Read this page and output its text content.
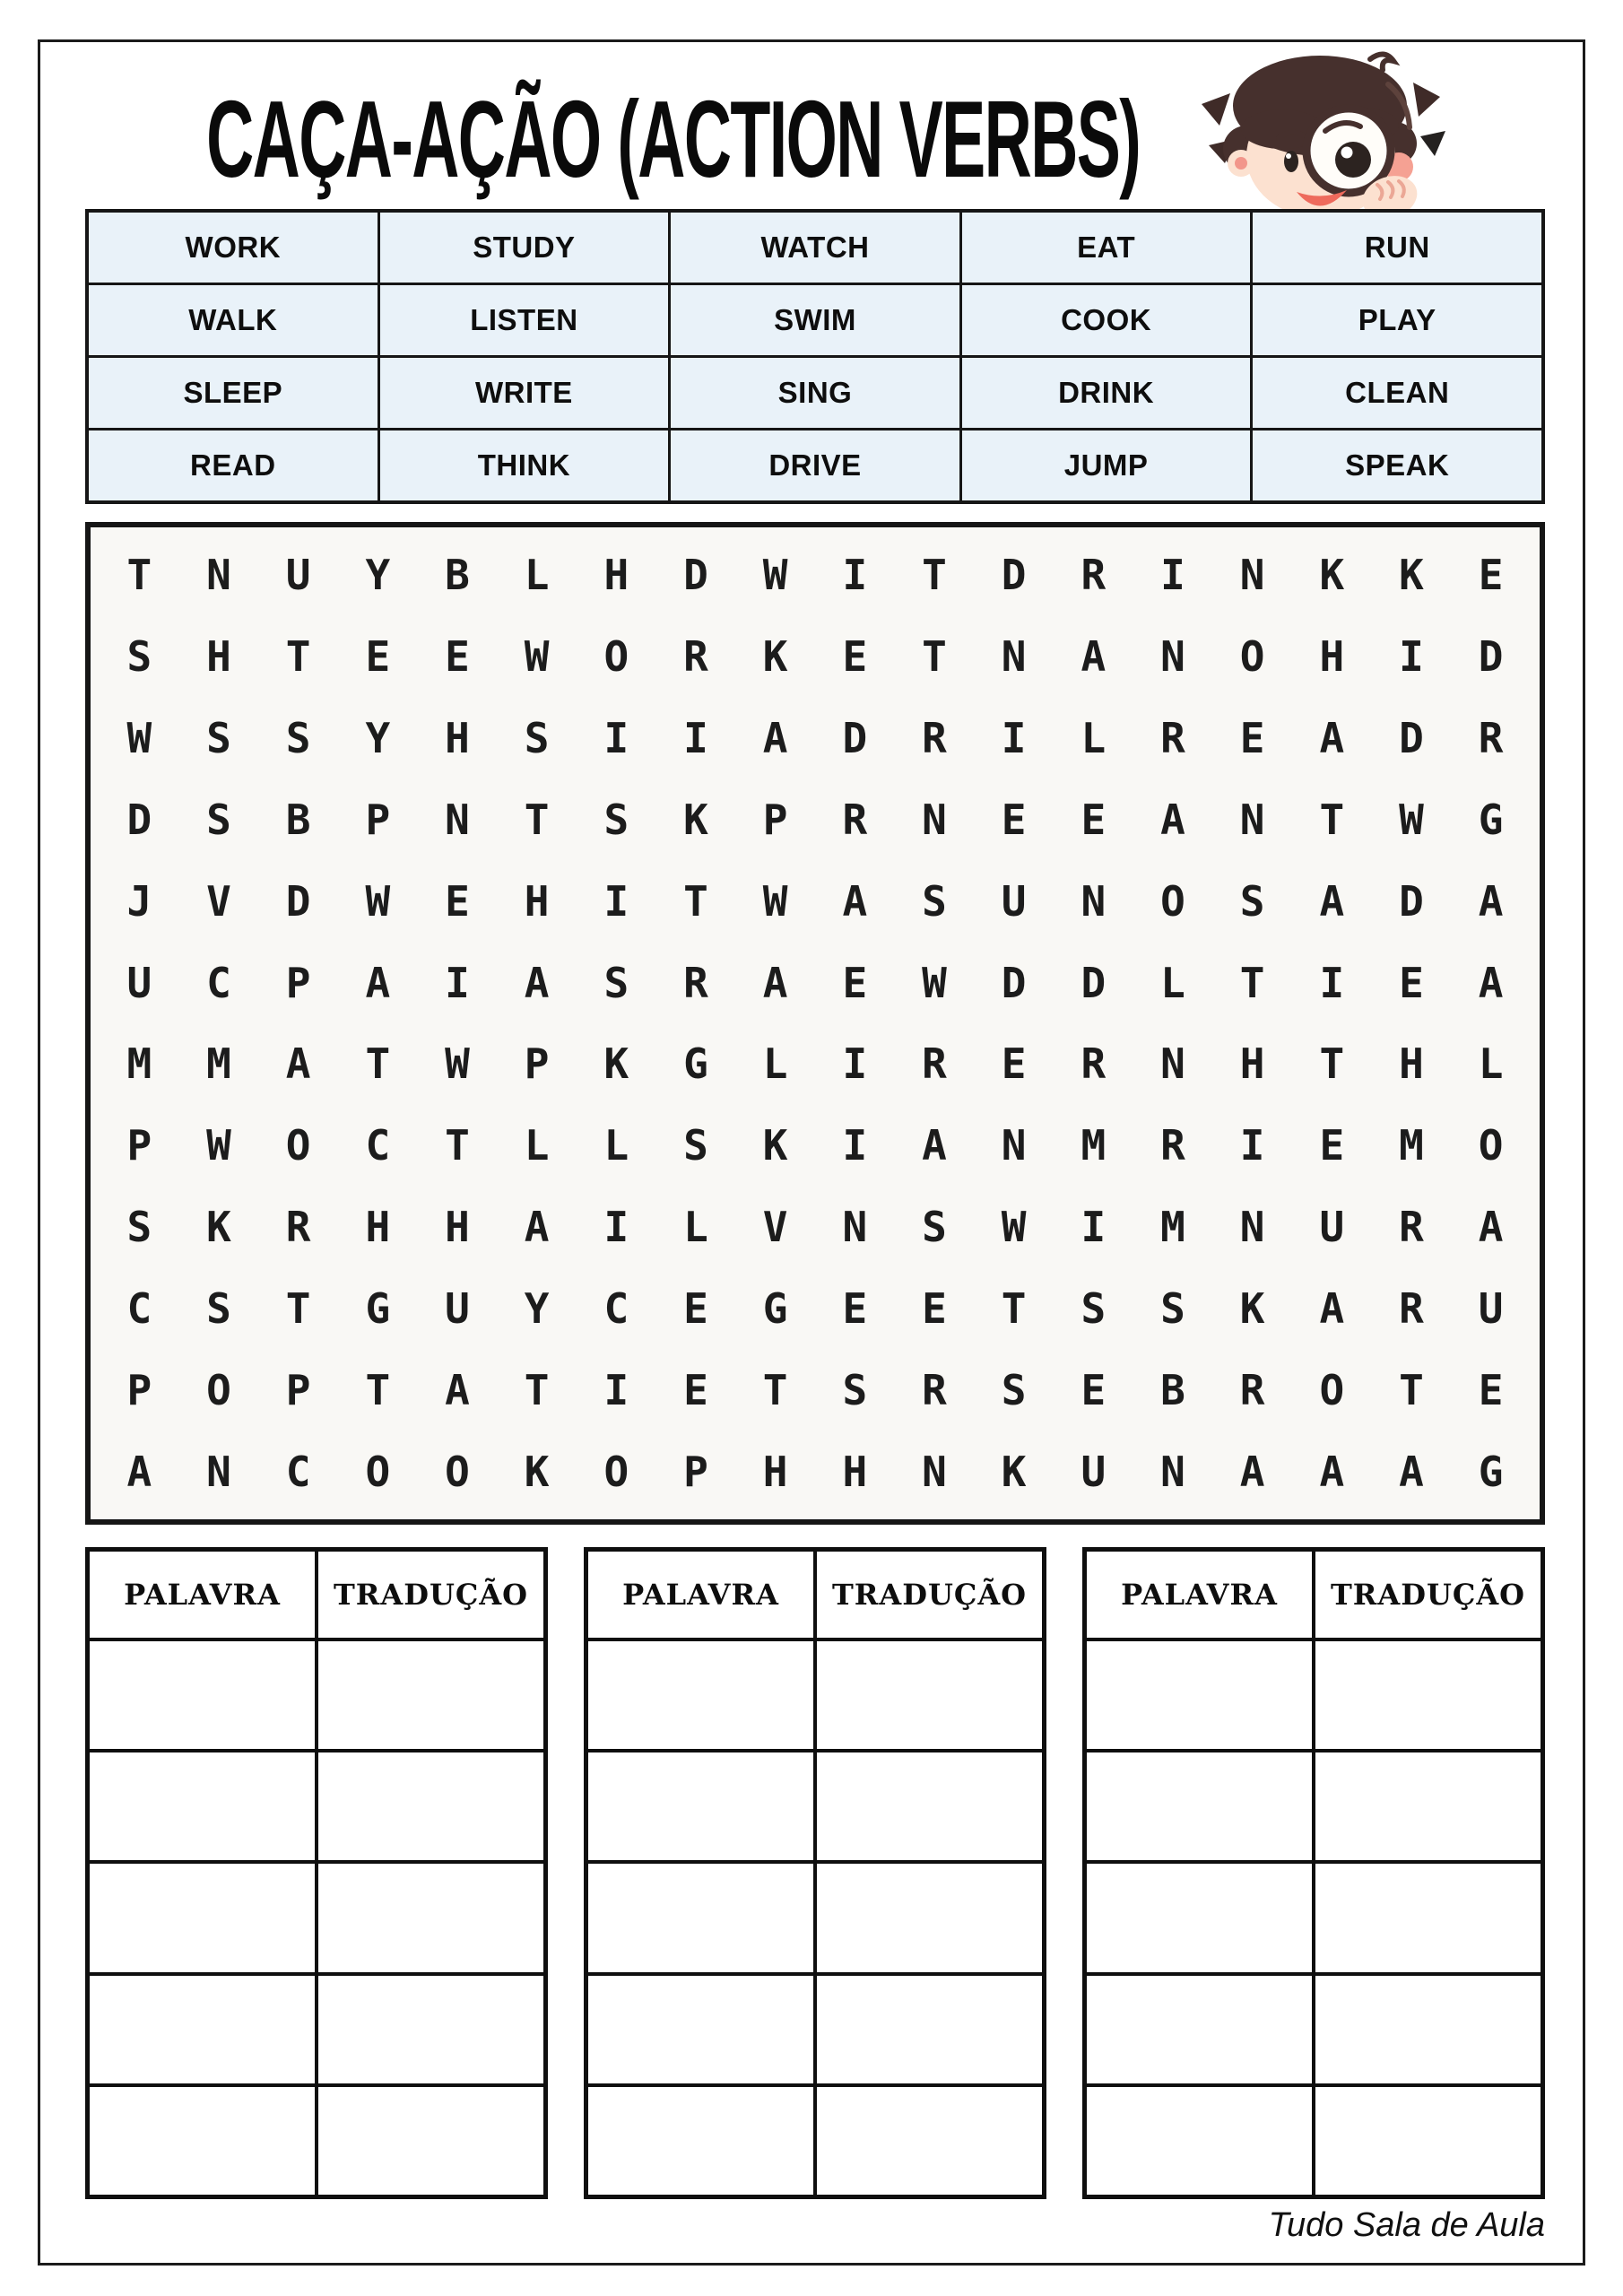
CAÇA-AÇÃO (ACTION VERBS)
WORK	STUDY	WATCH	EAT	RUN
WALK	LISTEN	SWIM	COOK	PLAY
SLEEP	WRITE	SING	DRINK	CLEAN
READ	THINK	DRIVE	JUMP	SPEAK
T	N	U	Y	B	L	H	D	W	I	T	D	R	I	N	K	K	E
S	H	T	E	E	W	O	R	K	E	T	N	A	N	O	H	I	D
W	S	S	Y	H	S	I	I	A	D	R	I	L	R	E	A	D	R
D	S	B	P	N	T	S	K	P	R	N	E	E	A	N	T	W	G
J	V	D	W	E	H	I	T	W	A	S	U	N	O	S	A	D	A
U	C	P	A	I	A	S	R	A	E	W	D	D	L	T	I	E	A
M	M	A	T	W	P	K	G	L	I	R	E	R	N	H	T	H	L
P	W	O	C	T	L	L	S	K	I	A	N	M	R	I	E	M	O
S	K	R	H	H	A	I	L	V	N	S	W	I	M	N	U	R	A
C	S	T	G	U	Y	C	E	G	E	E	T	S	S	K	A	R	U
P	O	P	T	A	T	I	E	T	S	R	S	E	B	R	O	T	E
A	N	C	O	O	K	O	P	H	H	N	K	U	N	A	A	A	G
PALAVRA	TRADUÇÃO	PALAVRA	TRADUÇÃO	PALAVRA	TRADUÇÃO
Tudo Sala de Aula
